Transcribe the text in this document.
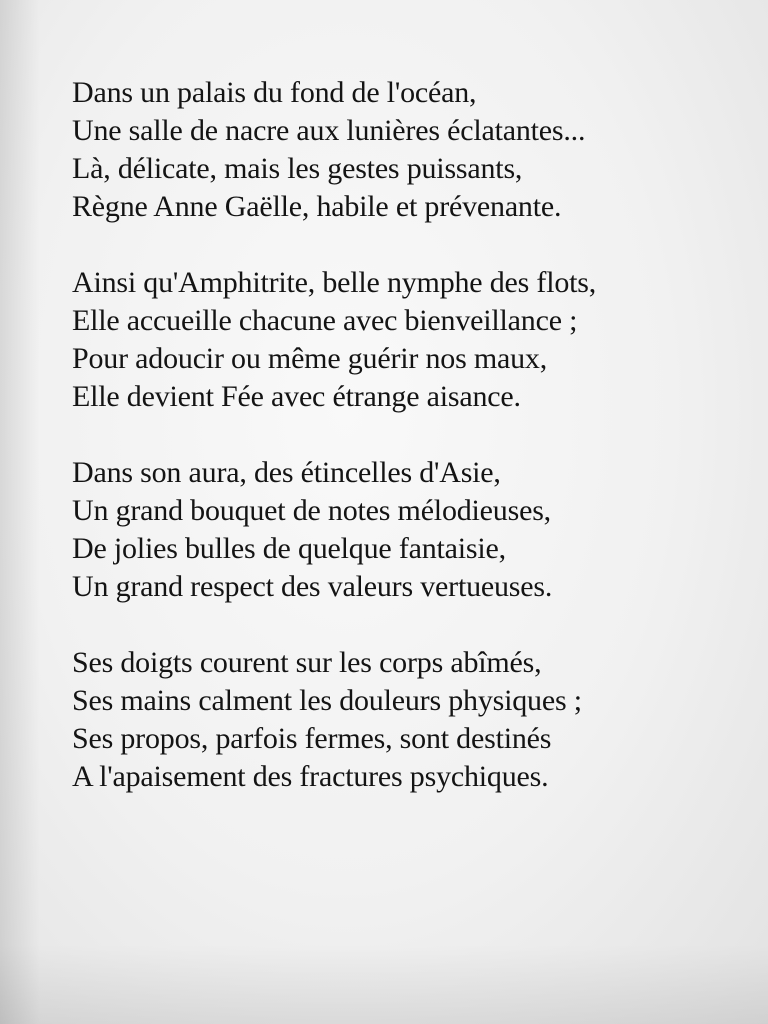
Dans un palais du fond de l'océan,
Une salle de nacre aux lunières éclatantes...
Là, délicate, mais les gestes puissants,
Règne Anne Gaëlle, habile et prévenante.
Ainsi qu'Amphitrite, belle nymphe des flots,
Elle accueille chacune avec bienveillance ;
Pour adoucir ou même guérir nos maux,
Elle devient Fée avec étrange aisance.
Dans son aura, des étincelles d'Asie,
Un grand bouquet de notes mélodieuses,
De jolies bulles de quelque fantaisie,
Un grand respect des valeurs vertueuses.
Ses doigts courent sur les corps abîmés,
Ses mains calment les douleurs physiques ;
Ses propos, parfois fermes, sont destinés
A l'apaisement des fractures psychiques.
